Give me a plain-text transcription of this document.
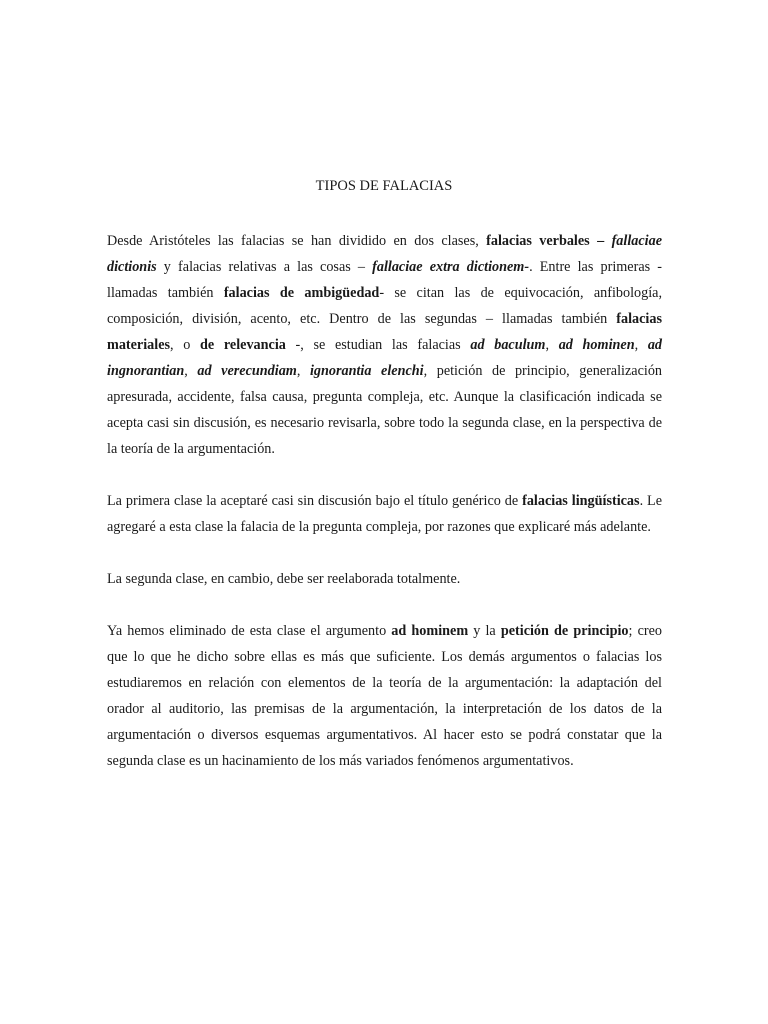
TIPOS DE FALACIAS

Desde Aristóteles las falacias se han dividido en dos clases, falacias verbales – fallaciae dictionis y falacias relativas a las cosas – fallaciae extra dictionem-. Entre las primeras -llamadas también falacias de ambigüedad- se citan las de equivocación, anfibología, composición, división, acento, etc. Dentro de las segundas – llamadas también falacias materiales, o de relevancia -, se estudian las falacias ad baculum, ad hominen, ad ingnorantian, ad verecundiam, ignorantia elenchi, petición de principio, generalización apresurada, accidente, falsa causa, pregunta compleja, etc. Aunque la clasificación indicada se acepta casi sin discusión, es necesario revisarla, sobre todo la segunda clase, en la perspectiva de la teoría de la argumentación.

La primera clase la aceptaré casi sin discusión bajo el título genérico de falacias lingüísticas. Le agregaré a esta clase la falacia de la pregunta compleja, por razones que explicaré más adelante.

La segunda clase, en cambio, debe ser reelaborada totalmente.

Ya hemos eliminado de esta clase el argumento ad hominem y la petición de principio; creo que lo que he dicho sobre ellas es más que suficiente. Los demás argumentos o falacias los estudiaremos en relación con elementos de la teoría de la argumentación: la adaptación del orador al auditorio, las premisas de la argumentación, la interpretación de los datos de la argumentación o diversos esquemas argumentativos. Al hacer esto se podrá constatar que la segunda clase es un hacinamiento de los más variados fenómenos argumentativos.
